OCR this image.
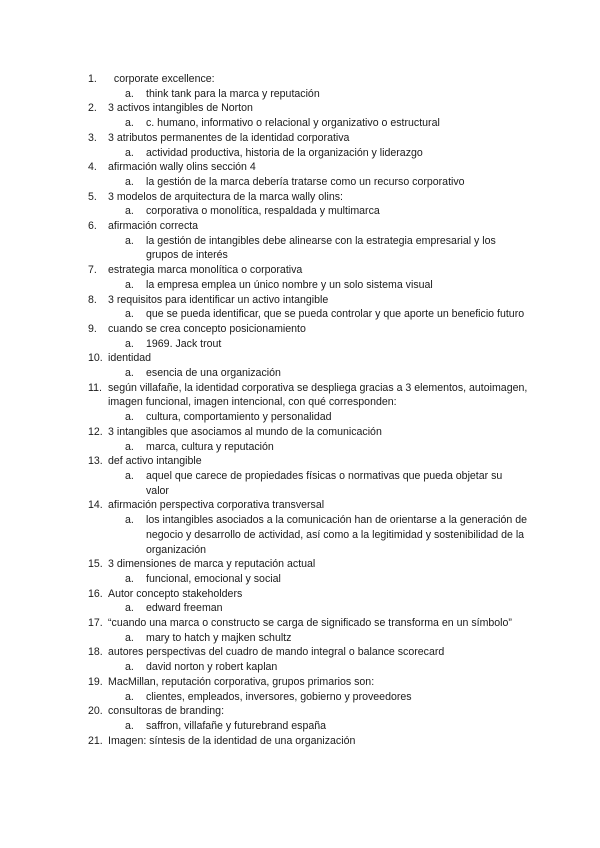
1.	corporate excellence:
a. think tank para la marca y reputación
2.	3 activos intangibles de Norton
a. c. humano, informativo o relacional y organizativo o estructural
3.	3 atributos permanentes de la identidad corporativa
a. actividad productiva, historia de la organización y liderazgo
4.	afirmación wally olins sección 4
a. la gestión de la marca debería tratarse como un recurso corporativo
5.	3 modelos de arquitectura de la marca wally olins:
a. corporativa o monolítica, respaldada y multimarca
6.	afirmación correcta
a. la gestión de intangibles debe alinearse con la estrategia empresarial y los grupos de interés
7.	estrategia marca monolítica o corporativa
a. la empresa emplea un único nombre y un solo sistema visual
8.	3 requisitos para identificar un activo intangible
a. que se pueda identificar, que se pueda controlar y que aporte un beneficio futuro
9.	cuando se crea concepto posicionamiento
a. 1969. Jack trout
10. identidad
a. esencia de una organización
11. según villafañe, la identidad corporativa se despliega gracias a 3 elementos, autoimagen, imagen funcional, imagen intencional, con qué corresponden:
a. cultura, comportamiento y personalidad
12. 3 intangibles que asociamos al mundo de la comunicación
a. marca, cultura y reputación
13. def activo intangible
a. aquel que carece de propiedades físicas o normativas que pueda objetar su valor
14. afirmación perspectiva corporativa transversal
a. los intangibles asociados a la comunicación han de orientarse a la generación de negocio y desarrollo de actividad, así como a la legitimidad y sostenibilidad de la organización
15. 3 dimensiones de marca y reputación actual
a. funcional, emocional y social
16. Autor concepto stakeholders
a. edward freeman
17. “cuando una marca o constructo se carga de significado se transforma en un símbolo”
a. mary to hatch y majken schultz
18. autores perspectivas del cuadro de mando integral o balance scorecard
a. david norton y robert kaplan
19. MacMillan, reputación corporativa, grupos primarios son:
a. clientes, empleados, inversores, gobierno y proveedores
20. consultoras de branding:
a. saffron, villafañe y futurebrand españa
21. Imagen: síntesis de la identidad de una organización
